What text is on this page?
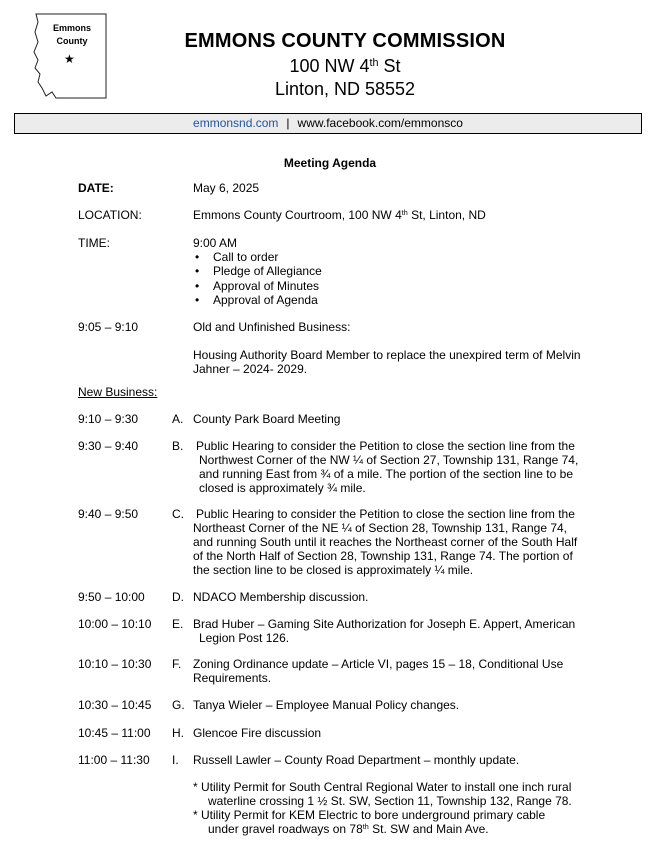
Emmons
County
★
EMMONS COUNTY COMMISSION
100 NW 4th St
Linton, ND 58552
emmonsnd.com | www.facebook.com/emmonsco
Meeting Agenda
DATE:	May 6, 2025
LOCATION:	Emmons County Courtroom, 100 NW 4th St, Linton, ND
TIME:	9:00 AM
• Call to order
• Pledge of Allegiance
• Approval of Minutes
• Approval of Agenda
9:05 – 9:10	Old and Unfinished Business:
Housing Authority Board Member to replace the unexpired term of Melvin
Jahner – 2024- 2029.
New Business:
9:10 – 9:30	A. County Park Board Meeting
9:30 – 9:40	B. Public Hearing to consider the Petition to close the section line from the
Northwest Corner of the NW ¼ of Section 27, Township 131, Range 74,
and running East from ¾ of a mile. The portion of the section line to be
closed is approximately ¾ mile.
9:40 – 9:50	C. Public Hearing to consider the Petition to close the section line from the
Northeast Corner of the NE ¼ of Section 28, Township 131, Range 74,
and running South until it reaches the Northeast corner of the South Half
of the North Half of Section 28, Township 131, Range 74. The portion of
the section line to be closed is approximately ¼ mile.
9:50 – 10:00 D. NDACO Membership discussion.
10:00 – 10:10 E. Brad Huber – Gaming Site Authorization for Joseph E. Appert, American
Legion Post 126.
10:10 – 10:30 F. Zoning Ordinance update – Article VI, pages 15 – 18, Conditional Use
Requirements.
10:30 – 10:45 G. Tanya Wieler – Employee Manual Policy changes.
10:45 – 11:00 H. Glencoe Fire discussion
11:00 – 11:30 I. Russell Lawler – County Road Department – monthly update.
* Utility Permit for South Central Regional Water to install one inch rural
waterline crossing 1 ½ St. SW, Section 11, Township 132, Range 78.
* Utility Permit for KEM Electric to bore underground primary cable
under gravel roadways on 78th St. SW and Main Ave.
